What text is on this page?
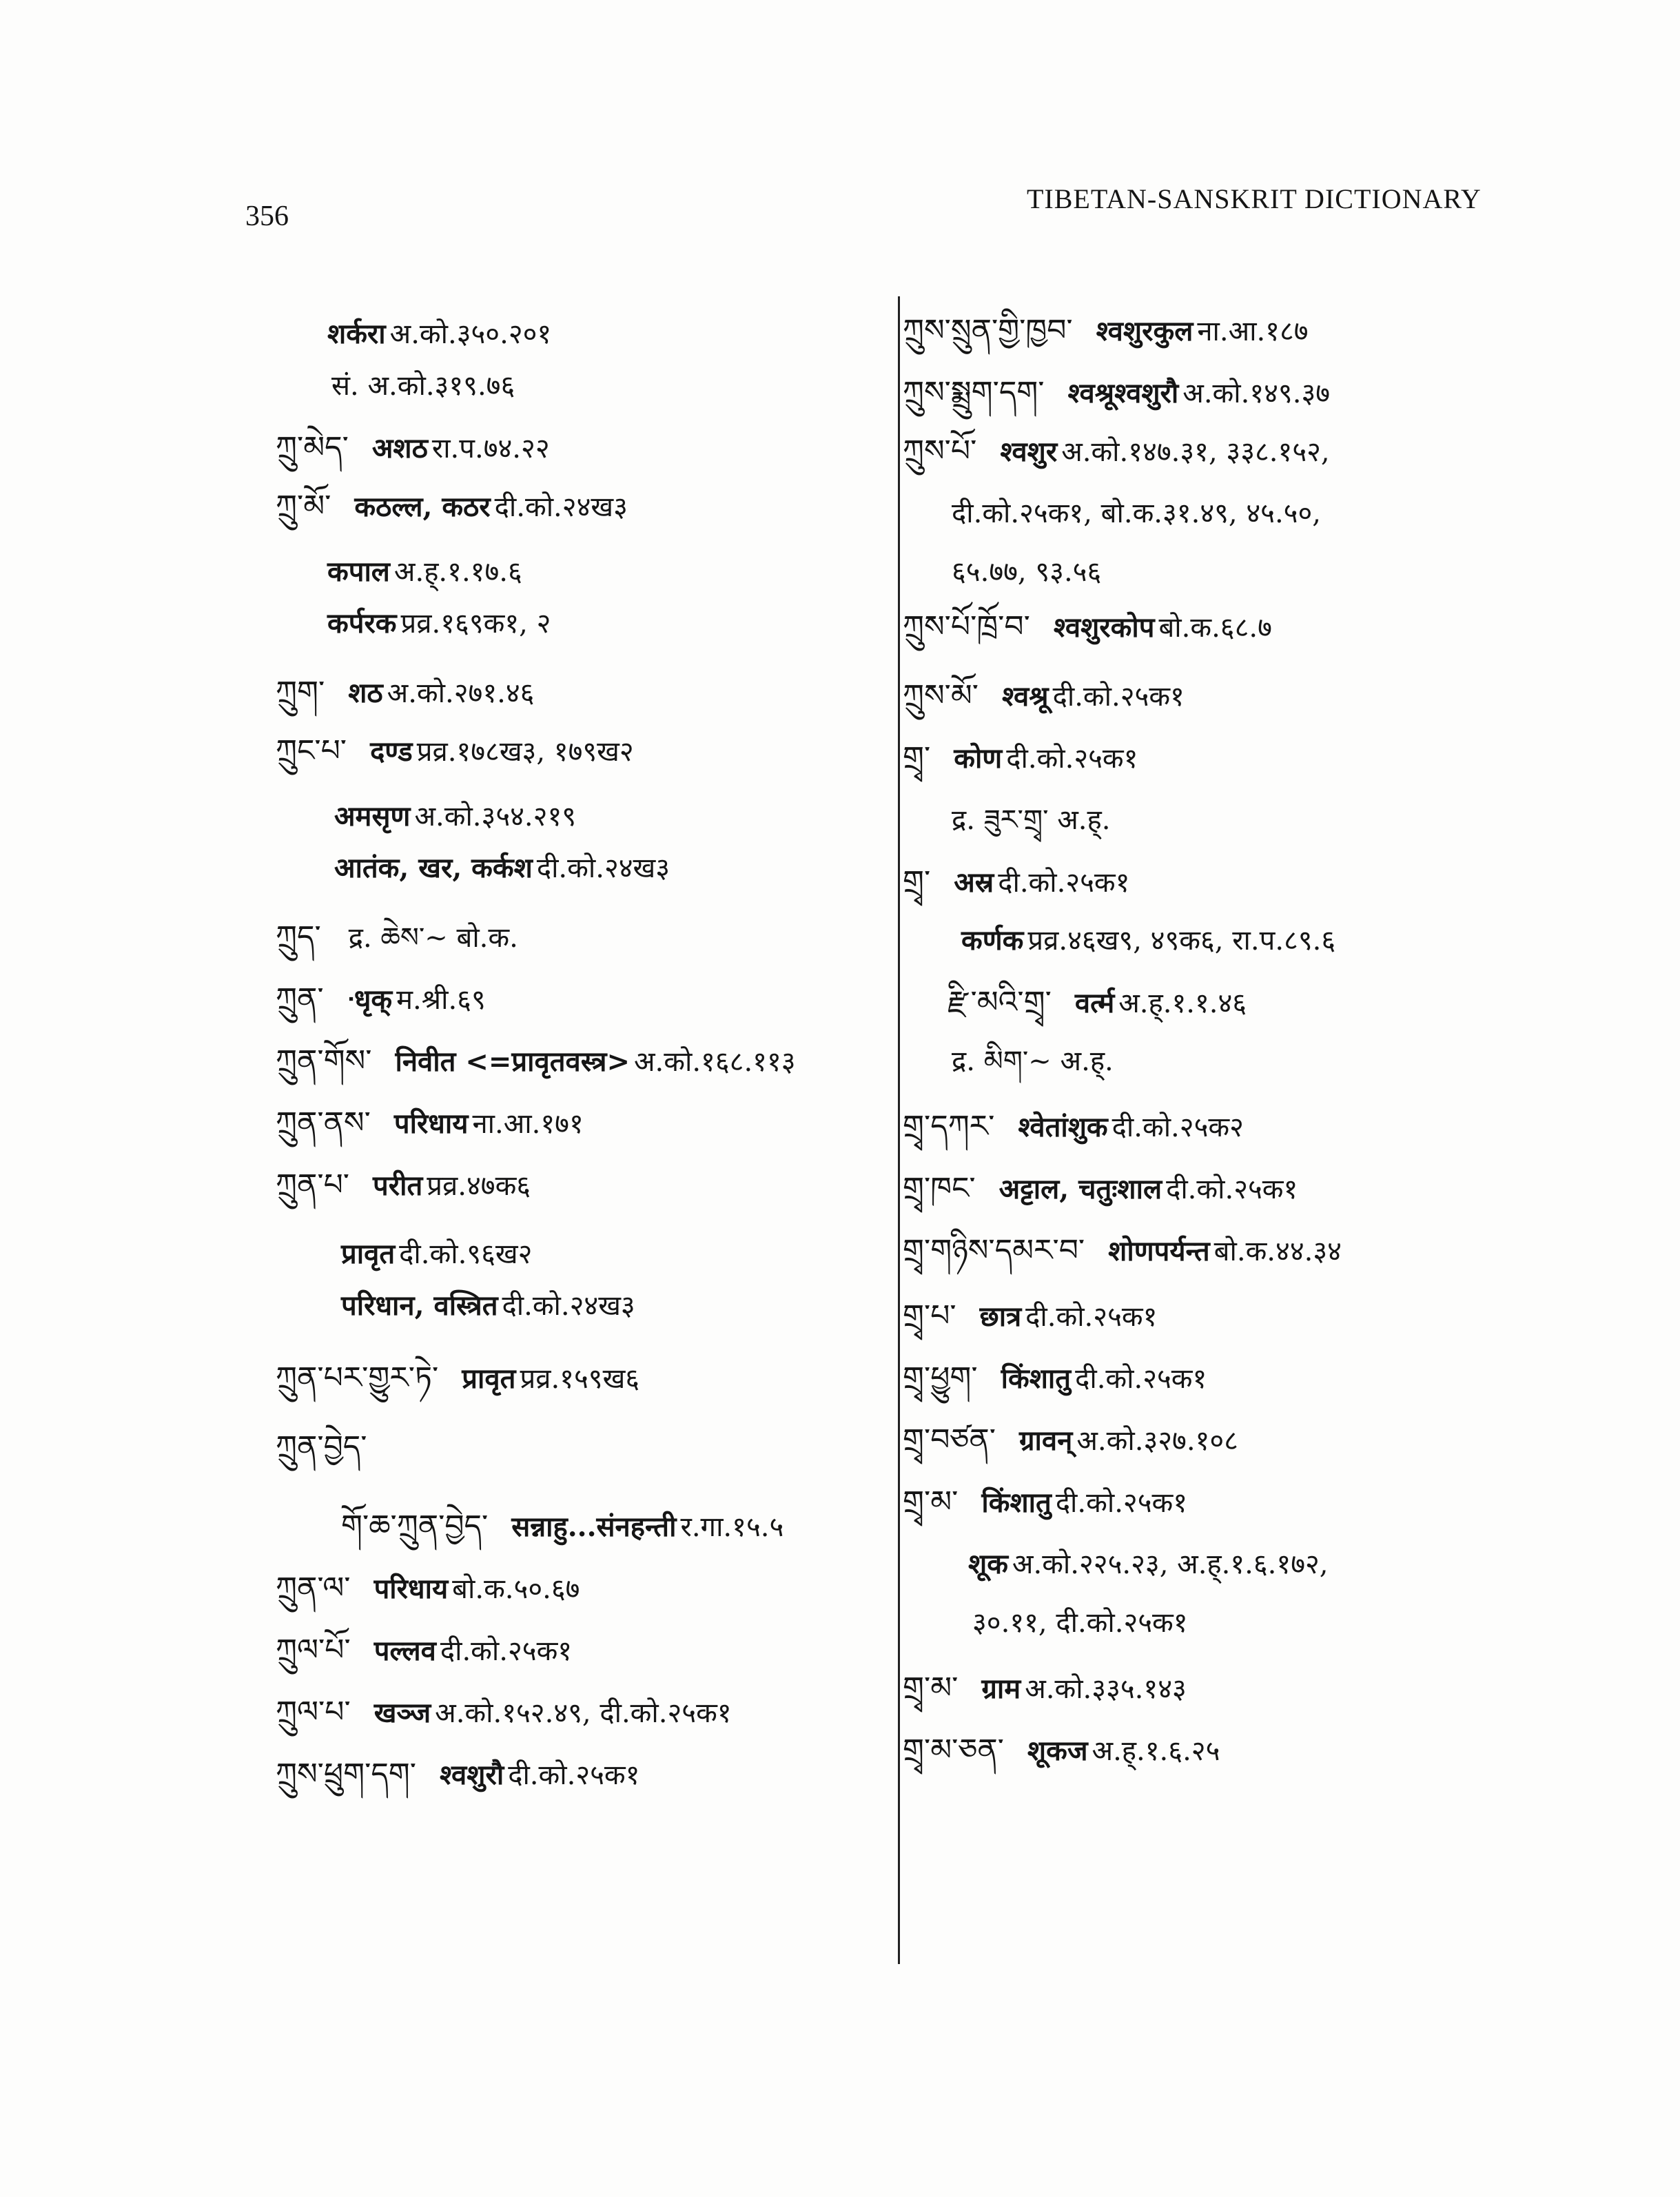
356
TIBETAN-SANSKRIT DICTIONARY
शर्करा अ.को.३५०.२०१
सं. अ.को.३१९.७६
ཀྲུ་མེད་ अशठ रा.प.७४.२२
ཀྲུ་མོ་ कठल्ल, कठर दी.को.२४ख३
कपाल अ.ह्.१.१७.६
कर्परक प्रव्र.१६९क१, २
ཀྲུག་ शठ अ.को.२७१.४६
ཀྲུང་པ་ दण्ड प्रव्र.१७८ख३, १७९ख२
अमसृण अ.को.३५४.२१९
आतंक, खर, कर्कश दी.को.२४ख३
ཀྲུད་ द्र. ཆེས་~ बो.क.
ཀྲུན་ ᐧधृक् म.श्री.६९
ཀྲུན་གོས་ निवीत <=प्रावृतवस्त्र> अ.को.१६८.११३
ཀྲུན་ནས་ परिधाय ना.आ.१७१
ཀྲུན་པ་ परीत प्रव्र.४७क६
प्रावृत दी.को.९६ख२
परिधान, वस्त्रित दी.को.२४ख३
ཀྲུན་པར་གྱུར་ཏེ་ प्रावृत प्रव्र.१५९ख६
ཀྲུན་བྱེད་
གོ་ཆ་ཀྲུན་བྱེད་ सन्नाहु...संनहन्ती र.गा.१५.५
ཀྲུན་ལ་ परिधाय बो.क.५०.६७
ཀྲུལ་པོ་ पल्लव दी.को.२५क१
ཀྲུལ་པ་ खञ्ज अ.को.१५२.४९, दी.को.२५क१
ཀྲུས་ཕྲུག་དག་ श्वशुरौ दी.को.२५क१
ཀྲུས་སྲུན་གྱི་ཁྱབ་ श्वशुरकुल ना.आ.१८७
ཀྲུས་སྨྲུག་དག་ श्वश्रूश्वशुरौ अ.को.१४९.३७
ཀྲུས་པོ་ श्वशुर अ.को.१४७.३१, ३३८.१५२,
दी.को.२५क१, बो.क.३१.४९, ४५.५०,
६५.७७, ९३.५६
ཀྲུས་པོ་ཁྲོ་བ་ श्वशुरकोप बो.क.६८.७
ཀྲུས་མོ་ श्वश्रू दी.को.२५क१
གྲྭ་ कोण दी.को.२५क१
द्र. ཟུར་གྲྭ་ अ.ह्.
གྲྭ་ अस्र दी.को.२५क१
कर्णक प्रव्र.४६ख९, ४९क६, रा.प.८९.६
རྫི་མའི་གྲྭ་ वर्त्म अ.ह्.१.१.४६
द्र. མིག་~ अ.ह्.
གྲྭ་དཀར་ श्वेतांशुक दी.को.२५क२
གྲྭ་ཁང་ अट्टाल, चतुःशाल दी.को.२५क१
གྲྭ་གཉིས་དམར་བ་ शोणपर्यन्त बो.क.४४.३४
གྲྭ་པ་ छात्र दी.को.२५क१
གྲྭ་ཕྱུག་ किंशातु दी.को.२५क१
གྲྭ་བཙན་ ग्रावन् अ.को.३२७.१०८
གྲྭ་མ་ किंशातु दी.को.२५क१
शूक अ.को.२२५.२३, अ.ह्.१.६.१७२,
३०.११, दी.को.२५क१
གྲྭ་མ་ ग्राम अ.को.३३५.१४३
གྲྭ་མ་ཅན་ शूकज अ.ह्.१.६.२५
